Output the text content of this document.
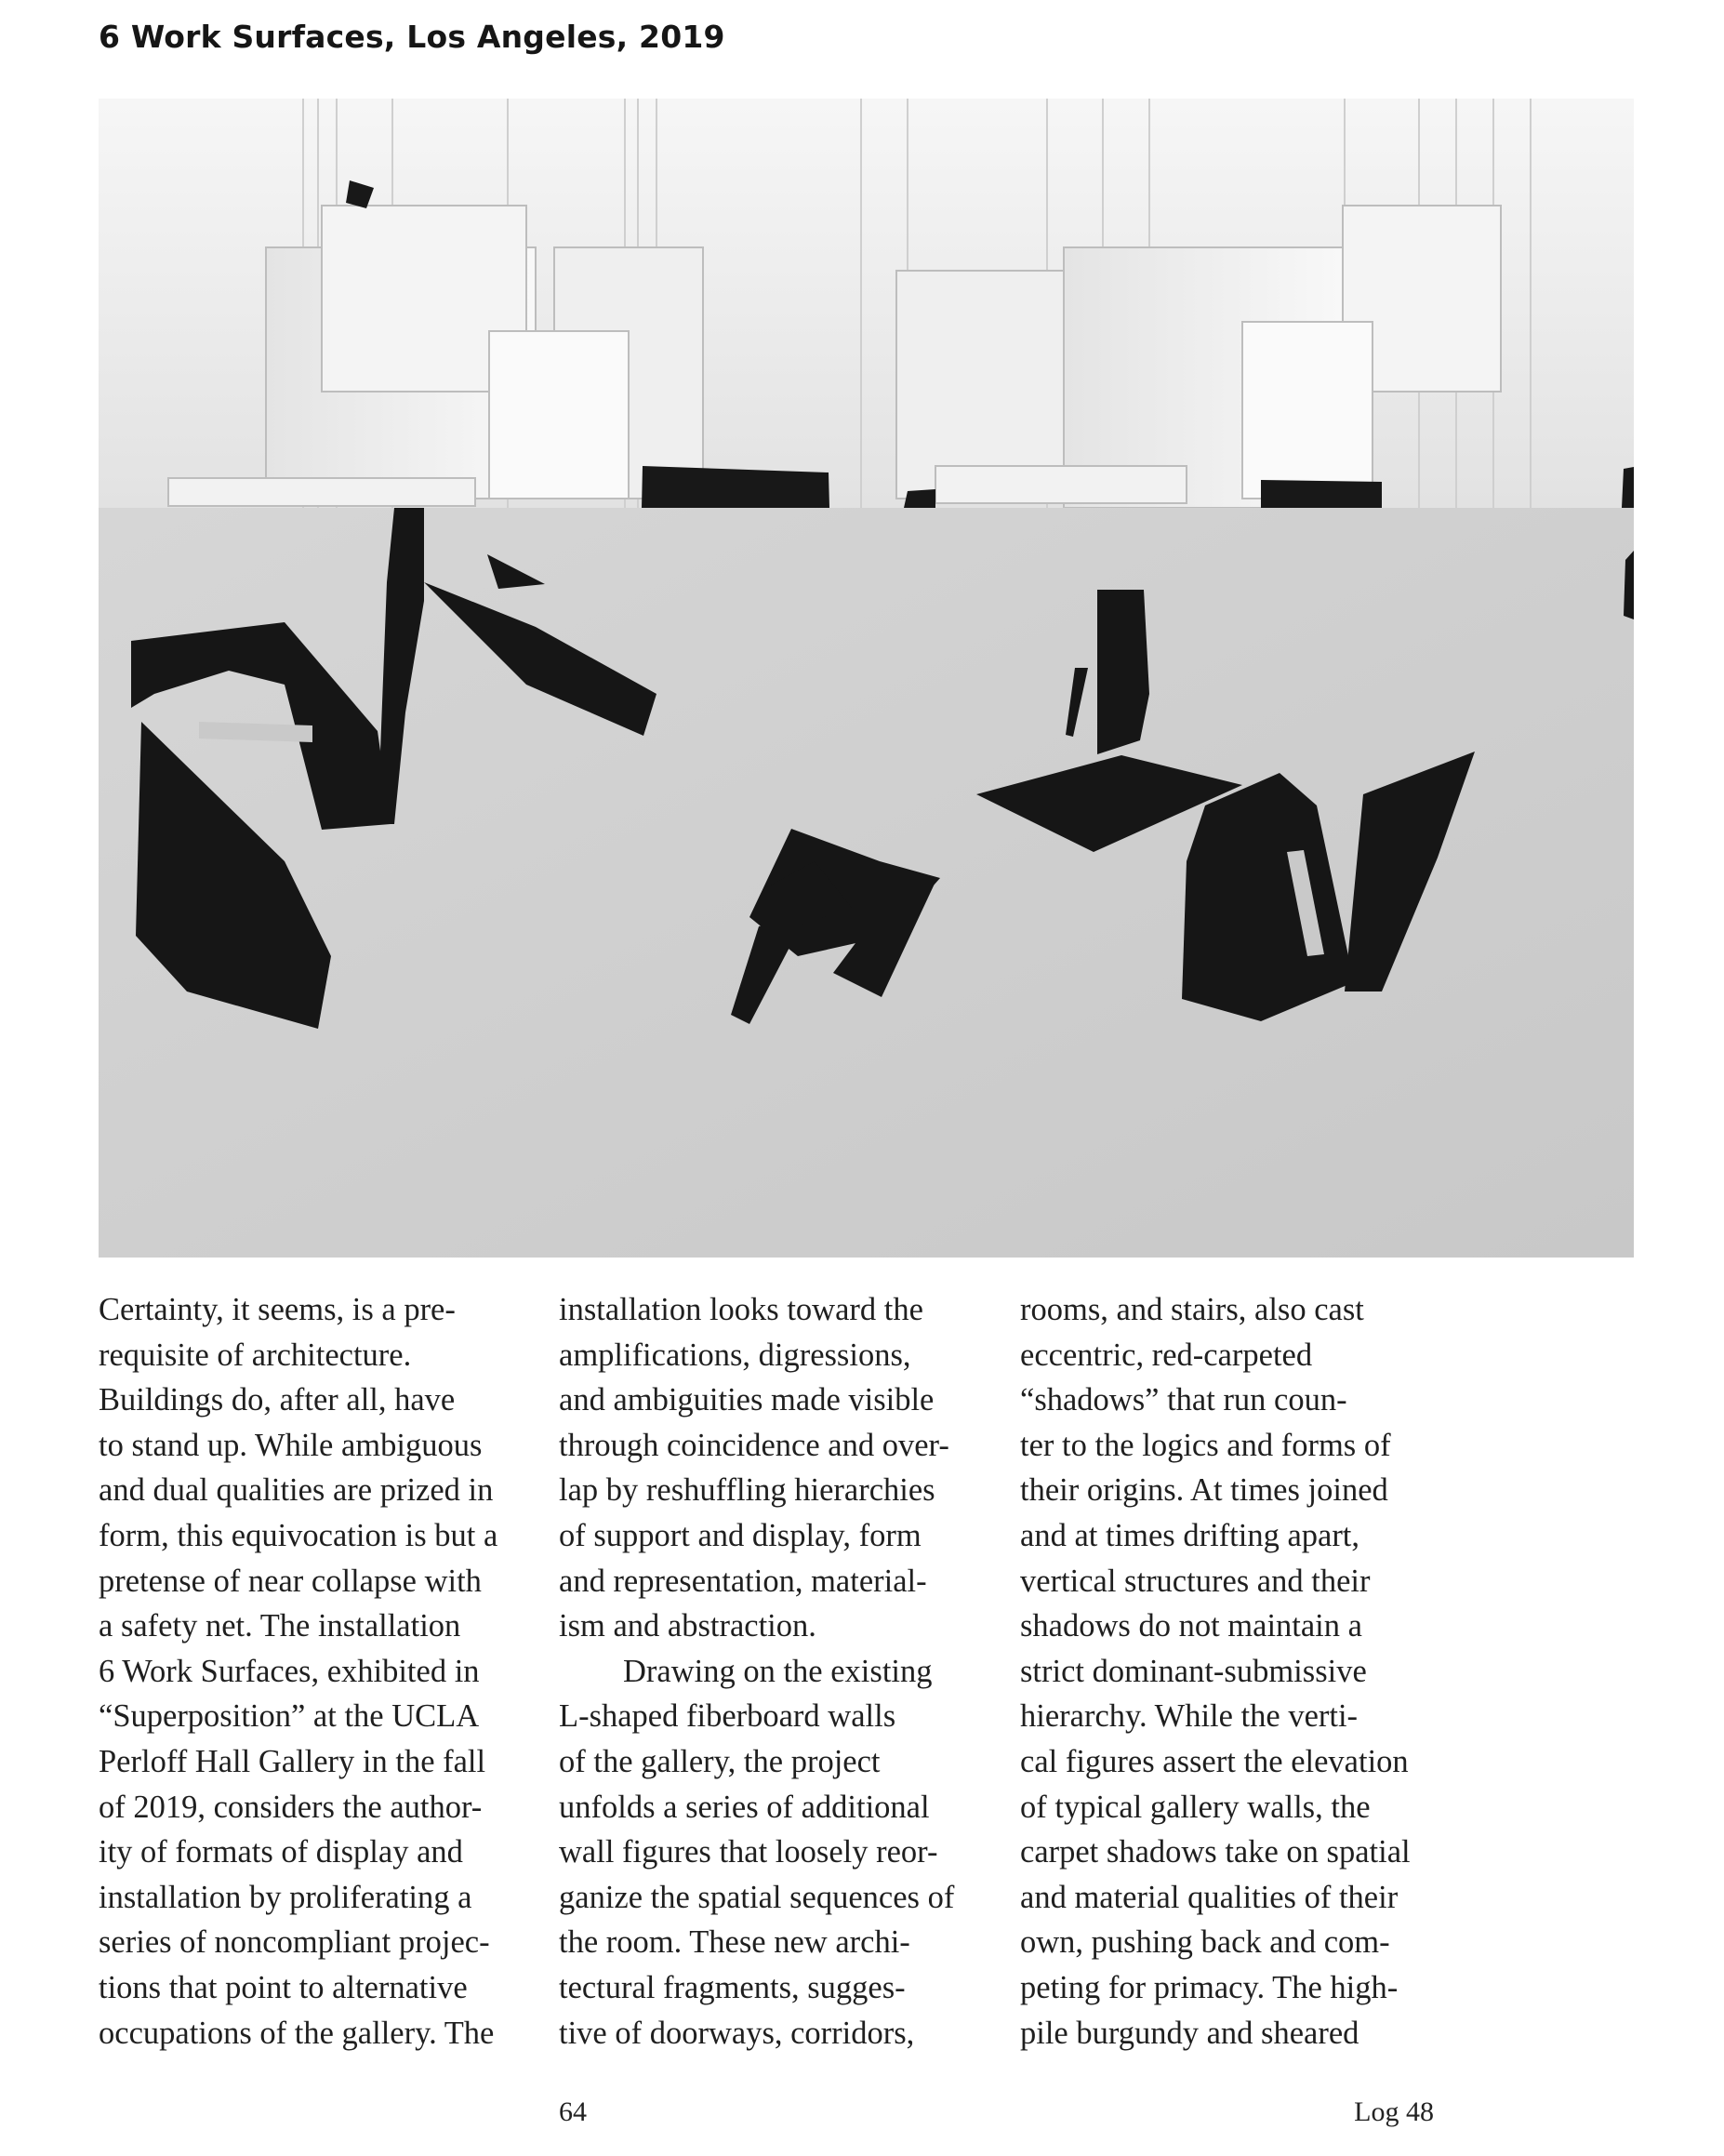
6 Work Surfaces, Los Angeles, 2019
Certainty, it seems, is a pre-
requisite of architecture.
Buildings do, after all, have
to stand up. While ambiguous
and dual qualities are prized in
form, this equivocation is but a
pretense of near collapse with
a safety net. The installation
6 Work Surfaces, exhibited in
“Superposition” at the UCLA
Perloff Hall Gallery in the fall
of 2019, considers the author-
ity of formats of display and
installation by proliferating a
series of noncompliant projec-
tions that point to alternative
occupations of the gallery. The
installation looks toward the
amplifications, digressions,
and ambiguities made visible
through coincidence and over-
lap by reshuffling hierarchies
of support and display, form
and representation, material-
ism and abstraction.
  Drawing on the existing
L-shaped fiberboard walls
of the gallery, the project
unfolds a series of additional
wall figures that loosely reor-
ganize the spatial sequences of
the room. These new archi-
tectural fragments, sugges-
tive of doorways, corridors,
rooms, and stairs, also cast
eccentric, red-carpeted
“shadows” that run coun-
ter to the logics and forms of
their origins. At times joined
and at times drifting apart,
vertical structures and their
shadows do not maintain a
strict dominant-submissive
hierarchy. While the verti-
cal figures assert the elevation
of typical gallery walls, the
carpet shadows take on spatial
and material qualities of their
own, pushing back and com-
peting for primacy. The high-
pile burgundy and sheared
64	Log 48
